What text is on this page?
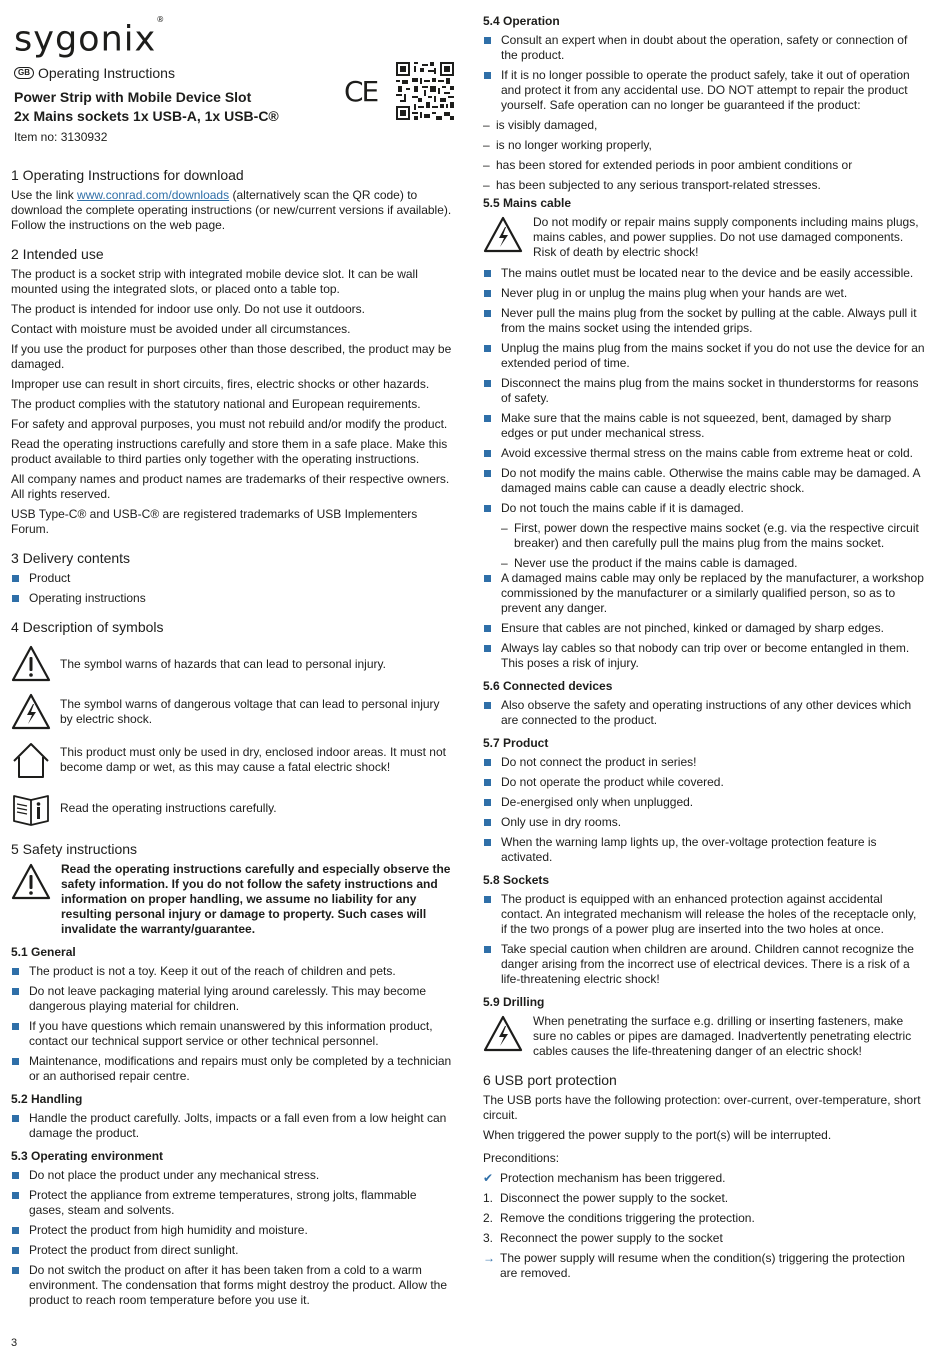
sygonix®
GB Operating Instructions
Power Strip with Mobile Device Slot
2x Mains sockets 1x USB-A, 1x USB-C®
Item no: 3130932
CE
1 Operating Instructions for download

Use the link www.conrad.com/downloads (alternatively scan the QR code) to download the complete operating instructions (or new/current versions if available). Follow the instructions on the web page.

2 Intended use

The product is a socket strip with integrated mobile device slot. It can be wall mounted using the integrated slots, or placed onto a table top.

The product is intended for indoor use only. Do not use it outdoors.

Contact with moisture must be avoided under all circumstances.

If you use the product for purposes other than those described, the product may be damaged.

Improper use can result in short circuits, fires, electric shocks or other hazards.

The product complies with the statutory national and European requirements.

For safety and approval purposes, you must not rebuild and/or modify the product.

Read the operating instructions carefully and store them in a safe place. Make this product available to third parties only together with the operating instructions.

All company names and product names are trademarks of their respective owners. All rights reserved.

USB Type-C® and USB-C® are registered trademarks of USB Implementers Forum.

3 Delivery contents
Product
Operating instructions
4 Description of symbols
The symbol warns of hazards that can lead to personal injury.
The symbol warns of dangerous voltage that can lead to personal injury by electric shock.
This product must only be used in dry, enclosed indoor areas. It must not become damp or wet, as this may cause a fatal electric shock!
Read the operating instructions carefully.
5 Safety instructions
Read the operating instructions carefully and especially observe the safety information. If you do not follow the safety instructions and information on proper handling, we assume no liability for any resulting personal injury or damage to property. Such cases will invalidate the warranty/guarantee.
5.1 General
The product is not a toy. Keep it out of the reach of children and pets.
Do not leave packaging material lying around carelessly. This may become dangerous playing material for children.
If you have questions which remain unanswered by this information product, contact our technical support service or other technical personnel.
Maintenance, modifications and repairs must only be completed by a technician or an authorised repair centre.
5.2 Handling
Handle the product carefully. Jolts, impacts or a fall even from a low height can damage the product.
5.3 Operating environment
Do not place the product under any mechanical stress.
Protect the appliance from extreme temperatures, strong jolts, flammable gases, steam and solvents.
Protect the product from high humidity and moisture.
Protect the product from direct sunlight.
Do not switch the product on after it has been taken from a cold to a warm environment. The condensation that forms might destroy the product. Allow the product to reach room temperature before you use it.
5.4 Operation
Consult an expert when in doubt about the operation, safety or connection of the product.
If it is no longer possible to operate the product safely, take it out of operation and protect it from any accidental use. DO NOT attempt to repair the product yourself. Safe operation can no longer be guaranteed if the product:
– is visibly damaged,
– is no longer working properly,
– has been stored for extended periods in poor ambient conditions or
– has been subjected to any serious transport-related stresses.
5.5 Mains cable
Do not modify or repair mains supply components including mains plugs, mains cables, and power supplies. Do not use damaged components. Risk of death by electric shock!
The mains outlet must be located near to the device and be easily accessible.
Never plug in or unplug the mains plug when your hands are wet.
Never pull the mains plug from the socket by pulling at the cable. Always pull it from the mains socket using the intended grips.
Unplug the mains plug from the mains socket if you do not use the device for an extended period of time.
Disconnect the mains plug from the mains socket in thunderstorms for reasons of safety.
Make sure that the mains cable is not squeezed, bent, damaged by sharp edges or put under mechanical stress.
Avoid excessive thermal stress on the mains cable from extreme heat or cold.
Do not modify the mains cable. Otherwise the mains cable may be damaged. A damaged mains cable can cause a deadly electric shock.
Do not touch the mains cable if it is damaged.
– First, power down the respective mains socket (e.g. via the respective circuit breaker) and then carefully pull the mains plug from the mains socket.
– Never use the product if the mains cable is damaged.
A damaged mains cable may only be replaced by the manufacturer, a workshop commissioned by the manufacturer or a similarly qualified person, so as to prevent any danger.
Ensure that cables are not pinched, kinked or damaged by sharp edges.
Always lay cables so that nobody can trip over or become entangled in them. This poses a risk of injury.
5.6 Connected devices
Also observe the safety and operating instructions of any other devices which are connected to the product.
5.7 Product
Do not connect the product in series!
Do not operate the product while covered.
De-energised only when unplugged.
Only use in dry rooms.
When the warning lamp lights up, the over-voltage protection feature is activated.
5.8 Sockets
The product is equipped with an enhanced protection against accidental contact. An integrated mechanism will release the holes of the receptacle only, if the two prongs of a power plug are inserted into the two holes at once.
Take special caution when children are around. Children cannot recognize the danger arising from the incorrect use of electrical devices. There is a risk of a life-threatening electric shock!
5.9 Drilling
When penetrating the surface e.g. drilling or inserting fasteners, make sure no cables or pipes are damaged. Inadvertently penetrating electric cables causes the life-threatening danger of an electric shock!
6 USB port protection

The USB ports have the following protection: over-current, over-temperature, short circuit.

When triggered the power supply to the port(s) will be interrupted.

Preconditions:

✔ Protection mechanism has been triggered.
1. Disconnect the power supply to the socket.
2. Remove the conditions triggering the protection.
3. Reconnect the power supply to the socket
→ The power supply will resume when the condition(s) triggering the protection are removed.
3
